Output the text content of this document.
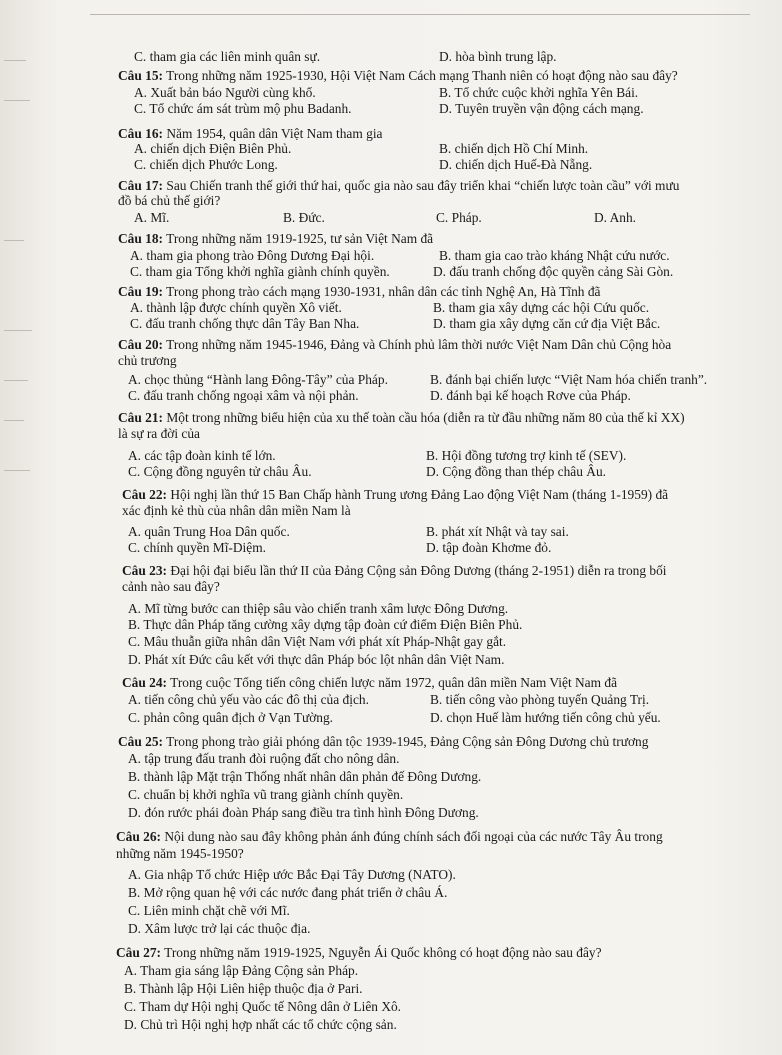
C. tham gia các liên minh quân sự.	D. hòa bình trung lập.
Câu 15: Trong những năm 1925-1930, Hội Việt Nam Cách mạng Thanh niên có hoạt động nào sau đây?
A. Xuất bản báo Người cùng khổ.	B. Tổ chức cuộc khởi nghĩa Yên Bái.
C. Tổ chức ám sát trùm mộ phu Badanh.	D. Tuyên truyền vận động cách mạng.
Câu 16: Năm 1954, quân dân Việt Nam tham gia
A. chiến dịch Điện Biên Phủ.	B. chiến dịch Hồ Chí Minh.
C. chiến dịch Phước Long.	D. chiến dịch Huế-Đà Nẵng.
Câu 17: Sau Chiến tranh thế giới thứ hai, quốc gia nào sau đây triển khai “chiến lược toàn cầu” với mưu
đồ bá chủ thế giới?
A. Mĩ.	B. Đức.	C. Pháp.	D. Anh.
Câu 18: Trong những năm 1919-1925, tư sản Việt Nam đã
A. tham gia phong trào Đông Dương Đại hội.	B. tham gia cao trào kháng Nhật cứu nước.
C. tham gia Tổng khởi nghĩa giành chính quyền.	D. đấu tranh chống độc quyền cảng Sài Gòn.
Câu 19: Trong phong trào cách mạng 1930-1931, nhân dân các tỉnh Nghệ An, Hà Tĩnh đã
A. thành lập được chính quyền Xô viết.	B. tham gia xây dựng các hội Cứu quốc.
C. đấu tranh chống thực dân Tây Ban Nha.	D. tham gia xây dựng căn cứ địa Việt Bắc.
Câu 20: Trong những năm 1945-1946, Đảng và Chính phủ lâm thời nước Việt Nam Dân chủ Cộng hòa
chủ trương
A. chọc thủng “Hành lang Đông-Tây” của Pháp.	B. đánh bại chiến lược “Việt Nam hóa chiến tranh”.
C. đấu tranh chống ngoại xâm và nội phản.	D. đánh bại kế hoạch Rơve của Pháp.
Câu 21: Một trong những biểu hiện của xu thế toàn cầu hóa (diễn ra từ đầu những năm 80 của thế kỉ XX)
là sự ra đời của
A. các tập đoàn kinh tế lớn.	B. Hội đồng tương trợ kinh tế (SEV).
C. Cộng đồng nguyên tử châu Âu.	D. Cộng đồng than thép châu Âu.
Câu 22: Hội nghị lần thứ 15 Ban Chấp hành Trung ương Đảng Lao động Việt Nam (tháng 1-1959) đã
xác định kẻ thù của nhân dân miền Nam là
A. quân Trung Hoa Dân quốc.	B. phát xít Nhật và tay sai.
C. chính quyền Mĩ-Diệm.	D. tập đoàn Khơme đỏ.
Câu 23: Đại hội đại biểu lần thứ II của Đảng Cộng sản Đông Dương (tháng 2-1951) diễn ra trong bối
cảnh nào sau đây?
A. Mĩ từng bước can thiệp sâu vào chiến tranh xâm lược Đông Dương.
B. Thực dân Pháp tăng cường xây dựng tập đoàn cứ điểm Điện Biên Phủ.
C. Mâu thuẫn giữa nhân dân Việt Nam với phát xít Pháp-Nhật gay gắt.
D. Phát xít Đức câu kết với thực dân Pháp bóc lột nhân dân Việt Nam.
Câu 24: Trong cuộc Tổng tiến công chiến lược năm 1972, quân dân miền Nam Việt Nam đã
A. tiến công chủ yếu vào các đô thị của địch.	B. tiến công vào phòng tuyến Quảng Trị.
C. phản công quân địch ở Vạn Tường.	D. chọn Huế làm hướng tiến công chủ yếu.
Câu 25: Trong phong trào giải phóng dân tộc 1939-1945, Đảng Cộng sản Đông Dương chủ trương
A. tập trung đấu tranh đòi ruộng đất cho nông dân.
B. thành lập Mặt trận Thống nhất nhân dân phản đế Đông Dương.
C. chuẩn bị khởi nghĩa vũ trang giành chính quyền.
D. đón rước phái đoàn Pháp sang điều tra tình hình Đông Dương.
Câu 26: Nội dung nào sau đây không phản ánh đúng chính sách đối ngoại của các nước Tây Âu trong
những năm 1945-1950?
A. Gia nhập Tổ chức Hiệp ước Bắc Đại Tây Dương (NATO).
B. Mở rộng quan hệ với các nước đang phát triển ở châu Á.
C. Liên minh chặt chẽ với Mĩ.
D. Xâm lược trở lại các thuộc địa.
Câu 27: Trong những năm 1919-1925, Nguyễn Ái Quốc không có hoạt động nào sau đây?
A. Tham gia sáng lập Đảng Cộng sản Pháp.
B. Thành lập Hội Liên hiệp thuộc địa ở Pari.
C. Tham dự Hội nghị Quốc tế Nông dân ở Liên Xô.
D. Chủ trì Hội nghị hợp nhất các tổ chức cộng sản.
